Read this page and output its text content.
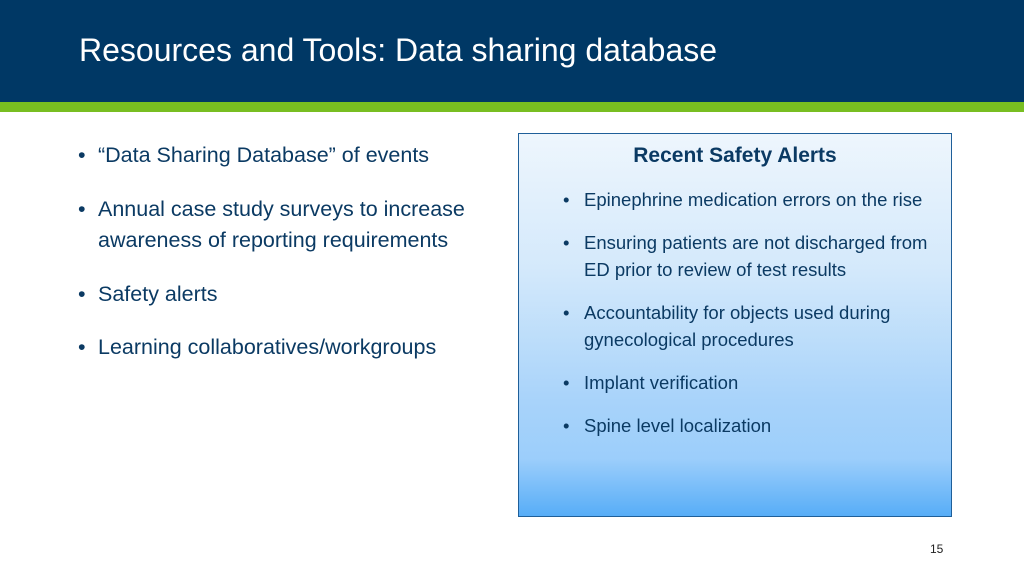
Resources and Tools: Data sharing database
• “Data Sharing Database” of events
• Annual case study surveys to increase awareness of reporting requirements
• Safety alerts
• Learning collaboratives/workgroups
Recent Safety Alerts
• Epinephrine medication errors on the rise
• Ensuring patients are not discharged from ED prior to review of test results
• Accountability for objects used during gynecological procedures
• Implant verification
• Spine level localization
15
